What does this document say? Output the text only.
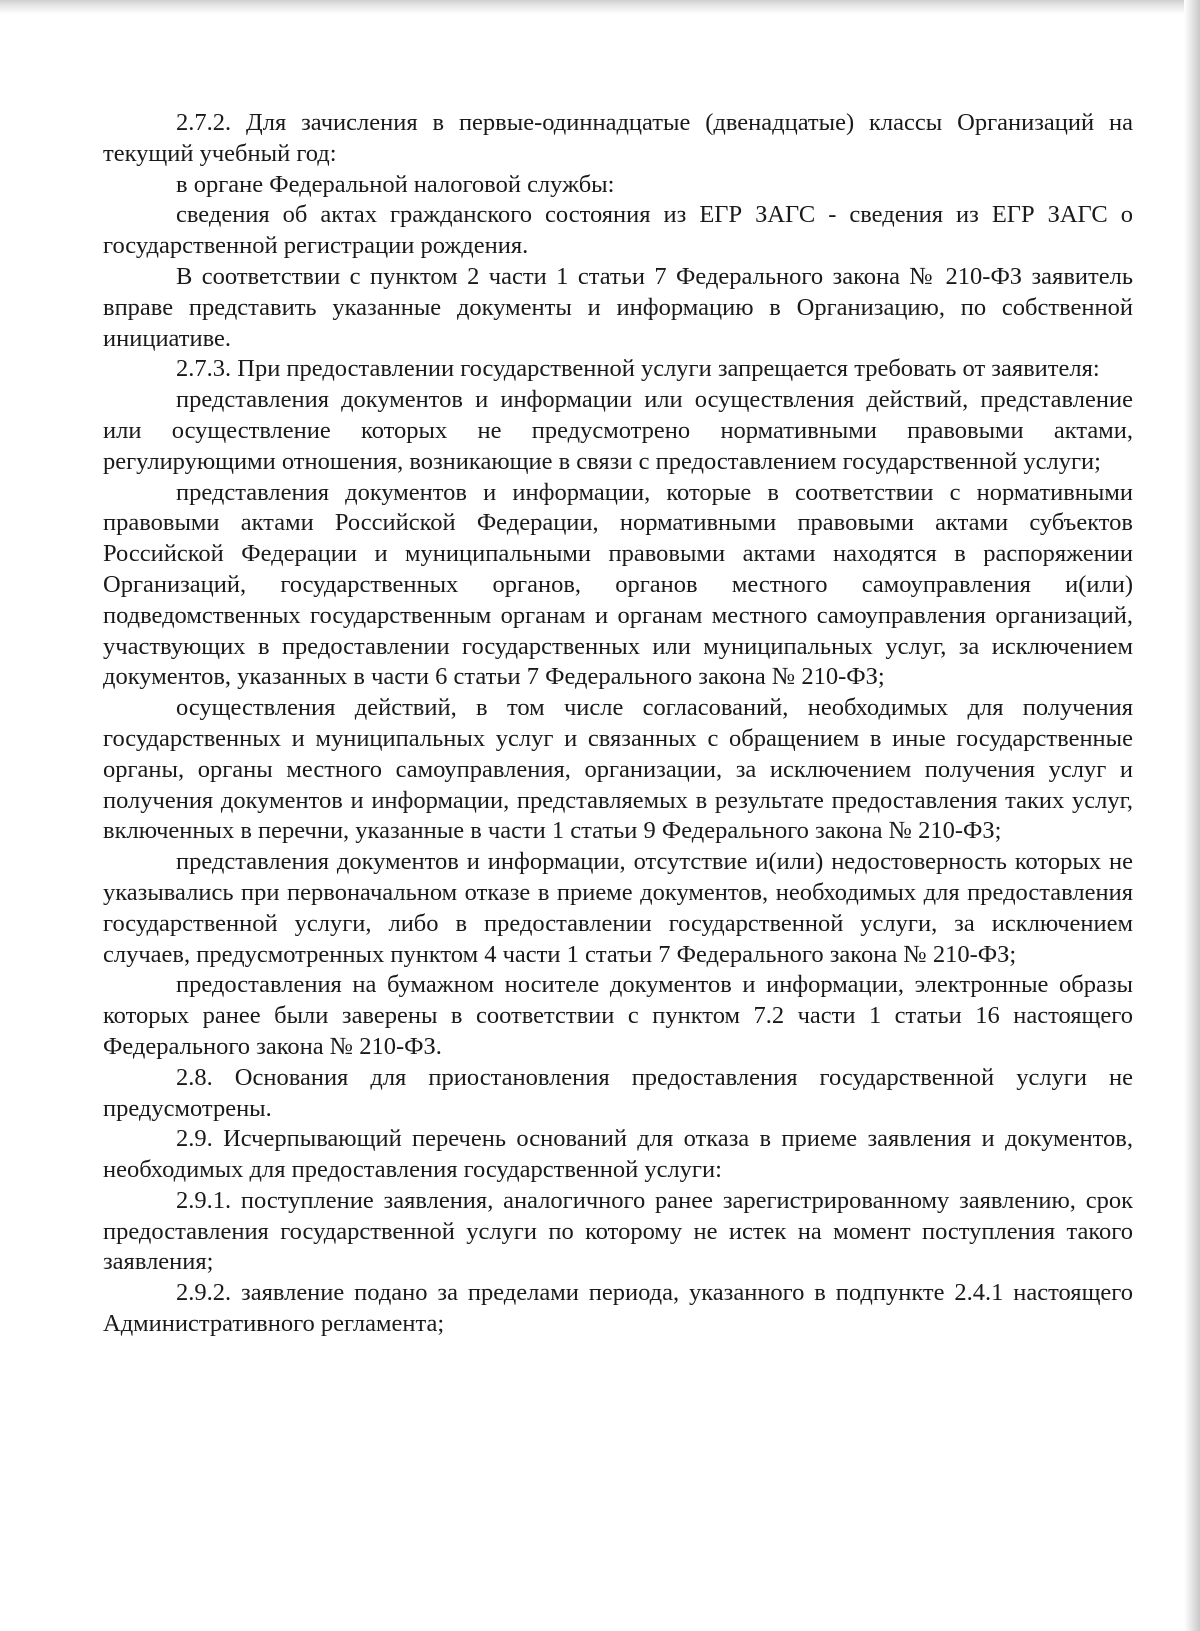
2.7.2. Для зачисления в первые-одиннадцатые (двенадцатые) классы Организаций на текущий учебный год:

в органе Федеральной налоговой службы:

сведения об актах гражданского состояния из ЕГР ЗАГС - сведения из ЕГР ЗАГС о государственной регистрации рождения.

В соответствии с пунктом 2 части 1 статьи 7 Федерального закона № 210-ФЗ заявитель вправе представить указанные документы и информацию в Организацию, по собственной инициативе.

2.7.3. При предоставлении государственной услуги запрещается требовать от заявителя:

представления документов и информации или осуществления действий, представление или осуществление которых не предусмотрено нормативными правовыми актами, регулирующими отношения, возникающие в связи с предоставлением государственной услуги;

представления документов и информации, которые в соответствии с нормативными правовыми актами Российской Федерации, нормативными правовыми актами субъектов Российской Федерации и муниципальными правовыми актами находятся в распоряжении Организаций, государственных органов, органов местного самоуправления и(или) подведомственных государственным органам и органам местного самоуправления организаций, участвующих в предоставлении государственных или муниципальных услуг, за исключением документов, указанных в части 6 статьи 7 Федерального закона № 210-ФЗ;

осуществления действий, в том числе согласований, необходимых для получения государственных и муниципальных услуг и связанных с обращением в иные государственные органы, органы местного самоуправления, организации, за исключением получения услуг и получения документов и информации, представляемых в результате предоставления таких услуг, включенных в перечни, указанные в части 1 статьи 9 Федерального закона № 210-ФЗ;

представления документов и информации, отсутствие и(или) недостоверность которых не указывались при первоначальном отказе в приеме документов, необходимых для предоставления государственной услуги, либо в предоставлении государственной услуги, за исключением случаев, предусмотренных пунктом 4 части 1 статьи 7 Федерального закона № 210-ФЗ;

предоставления на бумажном носителе документов и информации, электронные образы которых ранее были заверены в соответствии с пунктом 7.2 части 1 статьи 16 настоящего Федерального закона № 210-ФЗ.

2.8. Основания для приостановления предоставления государственной услуги не предусмотрены.

2.9. Исчерпывающий перечень оснований для отказа в приеме заявления и документов, необходимых для предоставления государственной услуги:

2.9.1. поступление заявления, аналогичного ранее зарегистрированному заявлению, срок предоставления государственной услуги по которому не истек на момент поступления такого заявления;

2.9.2. заявление подано за пределами периода, указанного в подпункте 2.4.1 настоящего Административного регламента;
